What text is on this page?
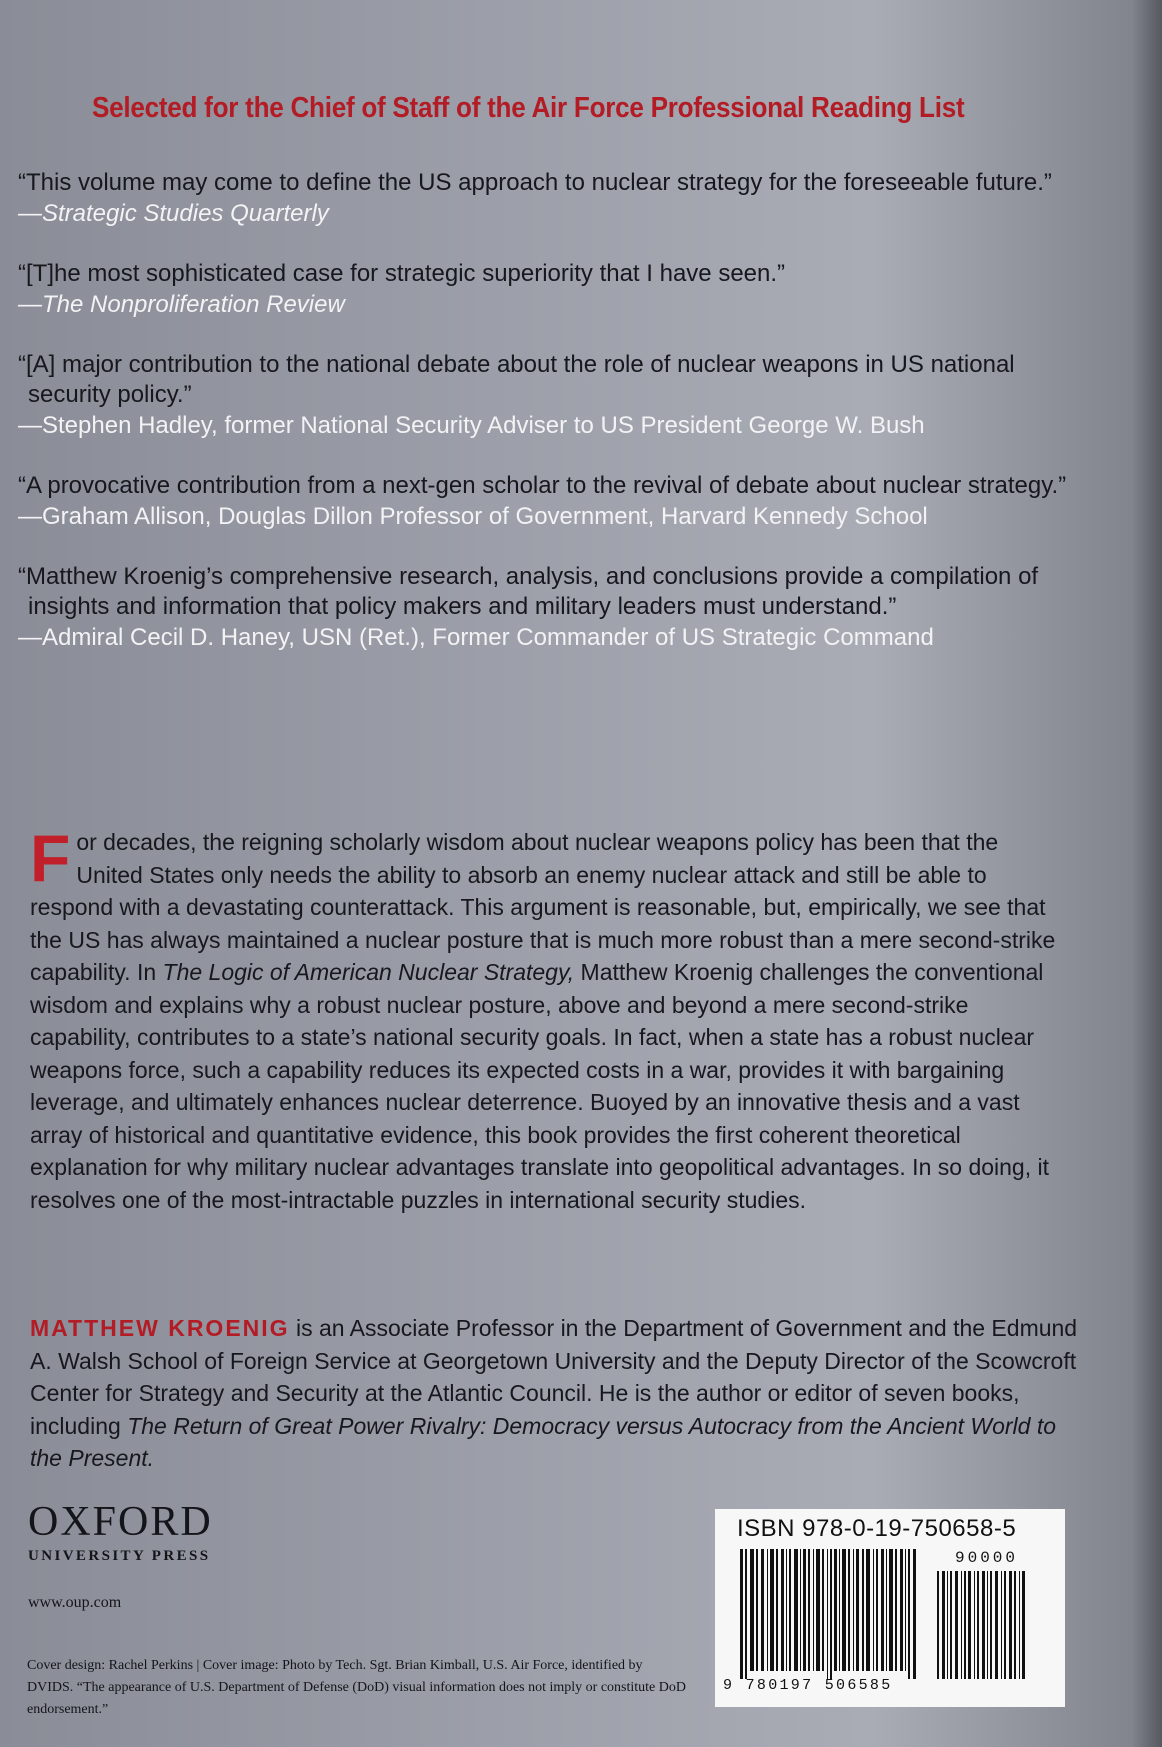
Selected for the Chief of Staff of the Air Force Professional Reading List
“This volume may come to define the US approach to nuclear strategy for the foreseeable future.”
—Strategic Studies Quarterly
“[T]he most sophisticated case for strategic superiority that I have seen.”
—The Nonproliferation Review
“[A] major contribution to the national debate about the role of nuclear weapons in US national security policy.”
—Stephen Hadley, former National Security Adviser to US President George W. Bush
“A provocative contribution from a next-gen scholar to the revival of debate about nuclear strategy.”
—Graham Allison, Douglas Dillon Professor of Government, Harvard Kennedy School
“Matthew Kroenig’s comprehensive research, analysis, and conclusions provide a compilation of insights and information that policy makers and military leaders must understand.”
—Admiral Cecil D. Haney, USN (Ret.), Former Commander of US Strategic Command
For decades, the reigning scholarly wisdom about nuclear weapons policy has been that the United States only needs the ability to absorb an enemy nuclear attack and still be able to respond with a devastating counterattack. This argument is reasonable, but, empirically, we see that the US has always maintained a nuclear posture that is much more robust than a mere second-strike capability. In The Logic of American Nuclear Strategy, Matthew Kroenig challenges the conventional wisdom and explains why a robust nuclear posture, above and beyond a mere second-strike capability, contributes to a state’s national security goals. In fact, when a state has a robust nuclear weapons force, such a capability reduces its expected costs in a war, provides it with bargaining leverage, and ultimately enhances nuclear deterrence. Buoyed by an innovative thesis and a vast array of historical and quantitative evidence, this book provides the first coherent theoretical explanation for why military nuclear advantages translate into geopolitical advantages. In so doing, it resolves one of the most-intractable puzzles in international security studies.
MATTHEW KROENIG is an Associate Professor in the Department of Government and the Edmund A. Walsh School of Foreign Service at Georgetown University and the Deputy Director of the Scowcroft Center for Strategy and Security at the Atlantic Council. He is the author or editor of seven books, including The Return of Great Power Rivalry: Democracy versus Autocracy from the Ancient World to the Present.
OXFORD
UNIVERSITY PRESS
www.oup.com
Cover design: Rachel Perkins | Cover image: Photo by Tech. Sgt. Brian Kimball, U.S. Air Force, identified by DVIDS. “The appearance of U.S. Department of Defense (DoD) visual information does not imply or constitute DoD endorsement.”
ISBN 978-0-19-750658-5
90000
9 780197 506585
